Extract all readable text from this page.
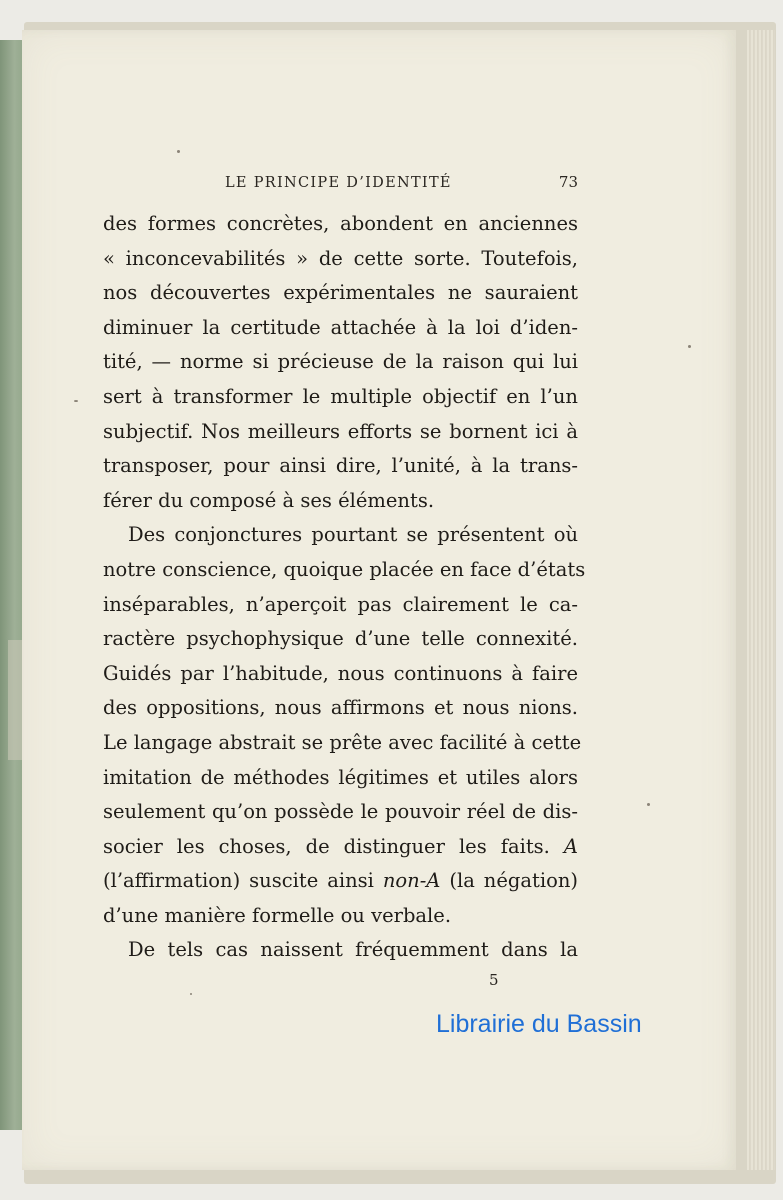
LE PRINCIPE D’IDENTITÉ	73
des formes concrètes, abondent en anciennes
« inconcevabilités » de cette sorte. Toutefois,
nos découvertes expérimentales ne sauraient
diminuer la certitude attachée à la loi d’iden-
tité, — norme si précieuse de la raison qui lui
sert à transformer le multiple objectif en l’un
subjectif. Nos meilleurs efforts se bornent ici à
transposer, pour ainsi dire, l’unité, à la trans-
férer du composé à ses éléments.
Des conjonctures pourtant se présentent où
notre conscience, quoique placée en face d’états
inséparables, n’aperçoit pas clairement le ca-
ractère psychophysique d’une telle connexité.
Guidés par l’habitude, nous continuons à faire
des oppositions, nous affirmons et nous nions.
Le langage abstrait se prête avec facilité à cette
imitation de méthodes légitimes et utiles alors
seulement qu’on possède le pouvoir réel de dis-
socier les choses, de distinguer les faits. A
(l’affirmation) suscite ainsi non-A (la négation)
d’une manière formelle ou verbale.
De tels cas naissent fréquemment dans la
5
Librairie du Bassin
